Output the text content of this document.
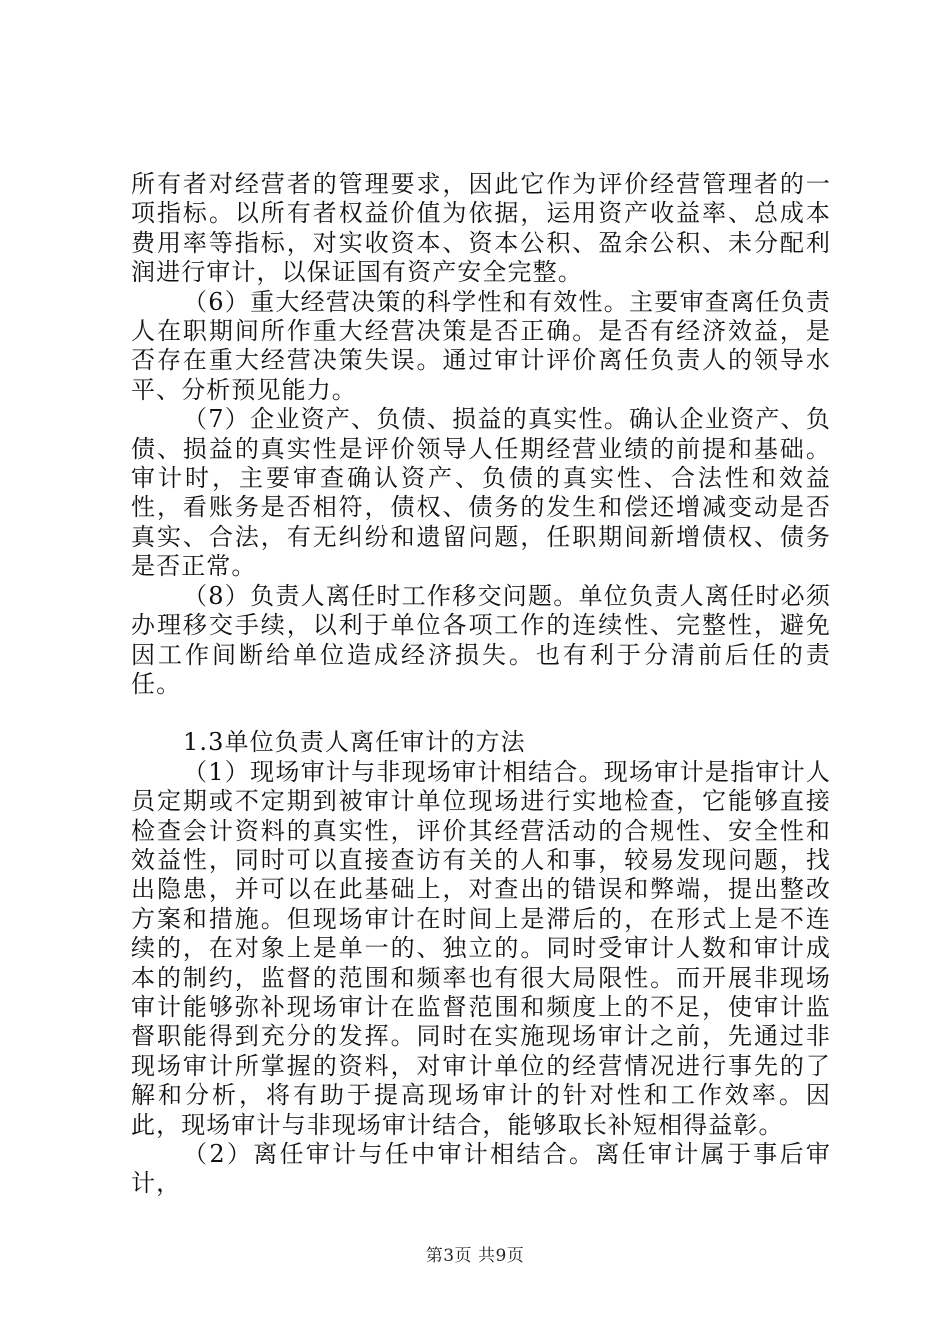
所有者对经营者的管理要求，因此它作为评价经营管理者的一项指标。以所有者权益价值为依据，运用资产收益率、总成本费用率等指标，对实收资本、资本公积、盈余公积、未分配利润进行审计，以保证国有资产安全完整。

（6）重大经营决策的科学性和有效性。主要审查离任负责人在职期间所作重大经营决策是否正确。是否有经济效益，是否存在重大经营决策失误。通过审计评价离任负责人的领导水平、分析预见能力。

（7）企业资产、负债、损益的真实性。确认企业资产、负债、损益的真实性是评价领导人任期经营业绩的前提和基础。审计时，主要审查确认资产、负债的真实性、合法性和效益性，看账务是否相符，债权、债务的发生和偿还增减变动是否真实、合法，有无纠纷和遗留问题，任职期间新增债权、债务是否正常。

（8）负责人离任时工作移交问题。单位负责人离任时必须办理移交手续，以利于单位各项工作的连续性、完整性，避免因工作间断给单位造成经济损失。也有利于分清前后任的责任。

1.3单位负责人离任审计的方法

（1）现场审计与非现场审计相结合。现场审计是指审计人员定期或不定期到被审计单位现场进行实地检查，它能够直接检查会计资料的真实性，评价其经营活动的合规性、安全性和效益性，同时可以直接查访有关的人和事，较易发现问题，找出隐患，并可以在此基础上，对查出的错误和弊端，提出整改方案和措施。但现场审计在时间上是滞后的，在形式上是不连续的，在对象上是单一的、独立的。同时受审计人数和审计成本的制约，监督的范围和频率也有很大局限性。而开展非现场审计能够弥补现场审计在监督范围和频度上的不足，使审计监督职能得到充分的发挥。同时在实施现场审计之前，先通过非现场审计所掌握的资料，对审计单位的经营情况进行事先的了解和分析，将有助于提高现场审计的针对性和工作效率。因此，现场审计与非现场审计结合，能够取长补短相得益彰。

（2）离任审计与任中审计相结合。离任审计属于事后审计，

第3页 共9页
